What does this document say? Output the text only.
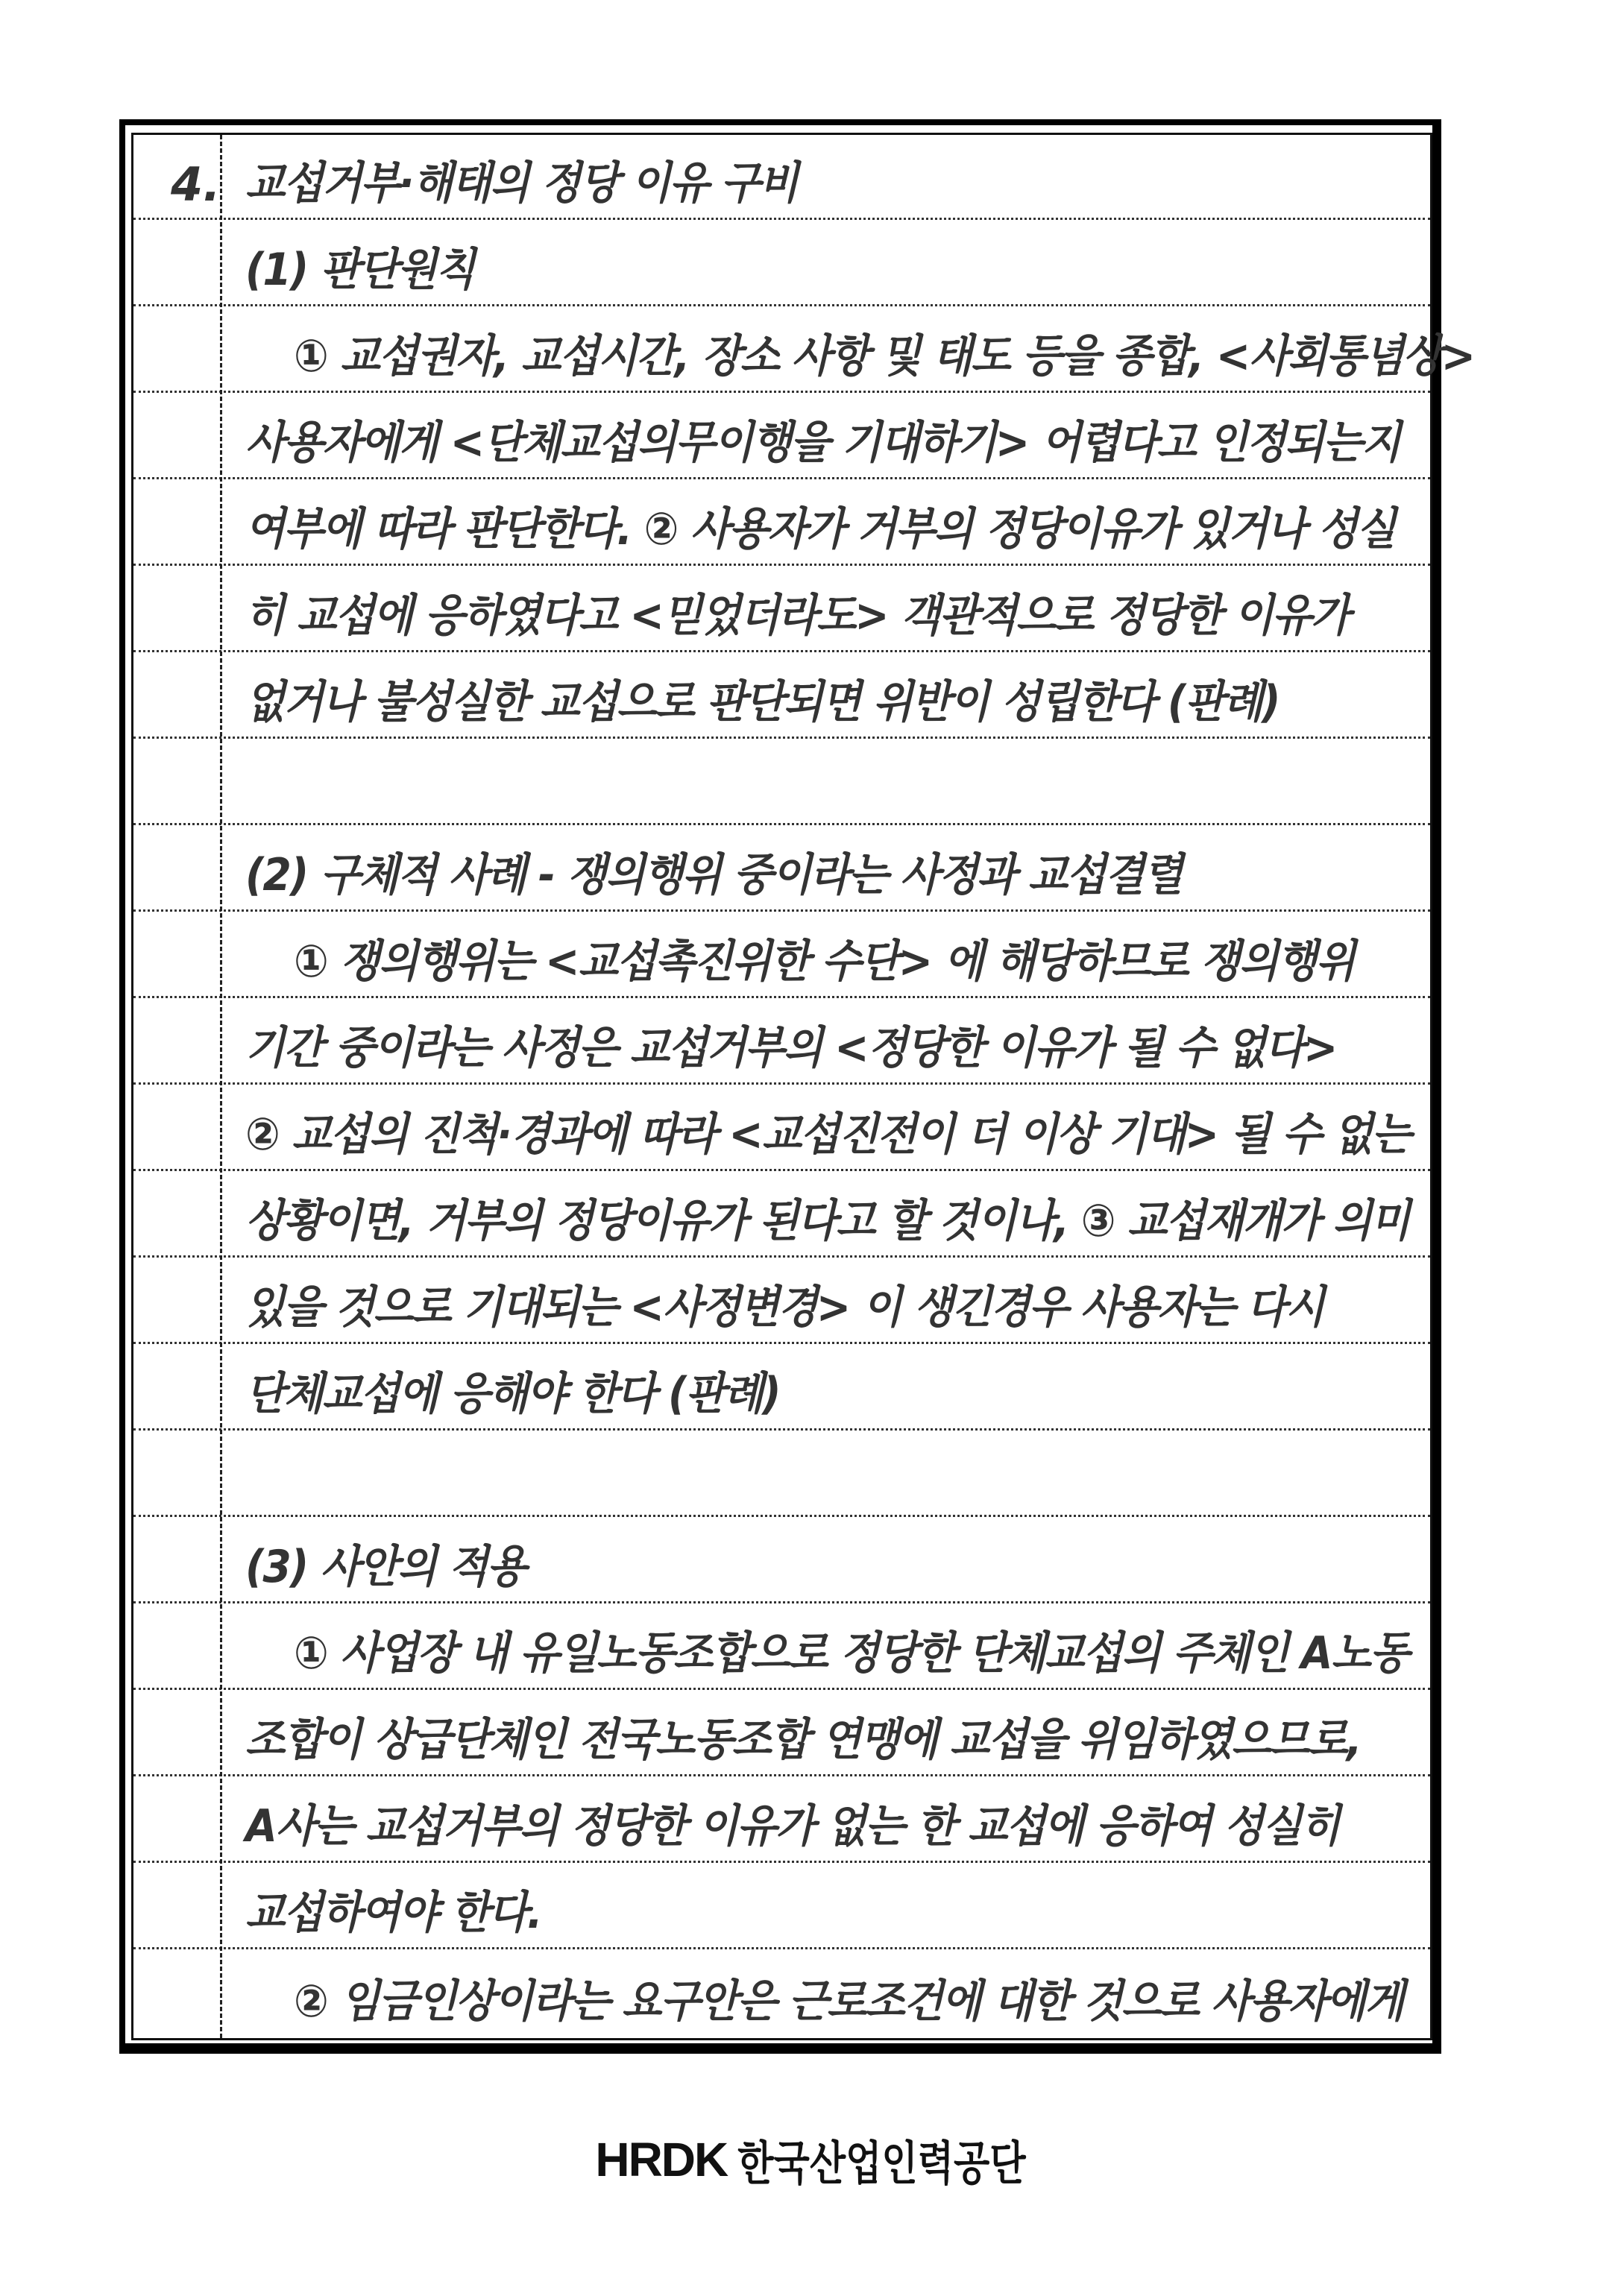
4. 교섭거부·해태의 정당 이유 구비
(1) 판단원칙
① 교섭권자, 교섭시간, 장소 사항 및 태도 등을 종합, <사회통념상>
사용자에게 <단체교섭의무이행을 기대하기> 어렵다고 인정되는지
여부에 따라 판단한다. ② 사용자가 거부의 정당이유가 있거나 성실
히 교섭에 응하였다고 <믿었더라도> 객관적으로 정당한 이유가
없거나 불성실한 교섭으로 판단되면 위반이 성립한다 (판례)
(2) 구체적 사례 - 쟁의행위 중이라는 사정과 교섭결렬
① 쟁의행위는 <교섭촉진위한 수단> 에 해당하므로 쟁의행위
기간 중이라는 사정은 교섭거부의 <정당한 이유가 될 수 없다>
② 교섭의 진척·경과에 따라 <교섭진전이 더 이상 기대> 될 수 없는
상황이면, 거부의 정당이유가 된다고 할 것이나, ③ 교섭재개가 의미
있을 것으로 기대되는 <사정변경> 이 생긴경우 사용자는 다시
단체교섭에 응해야 한다 (판례)
(3) 사안의 적용
① 사업장 내 유일노동조합으로 정당한 단체교섭의 주체인 A노동
조합이 상급단체인 전국노동조합 연맹에 교섭을 위임하였으므로,
A사는 교섭거부의 정당한 이유가 없는 한 교섭에 응하여 성실히
교섭하여야 한다.
② 임금인상이라는 요구안은 근로조건에 대한 것으로 사용자에게
HRDK 한국산업인력공단
